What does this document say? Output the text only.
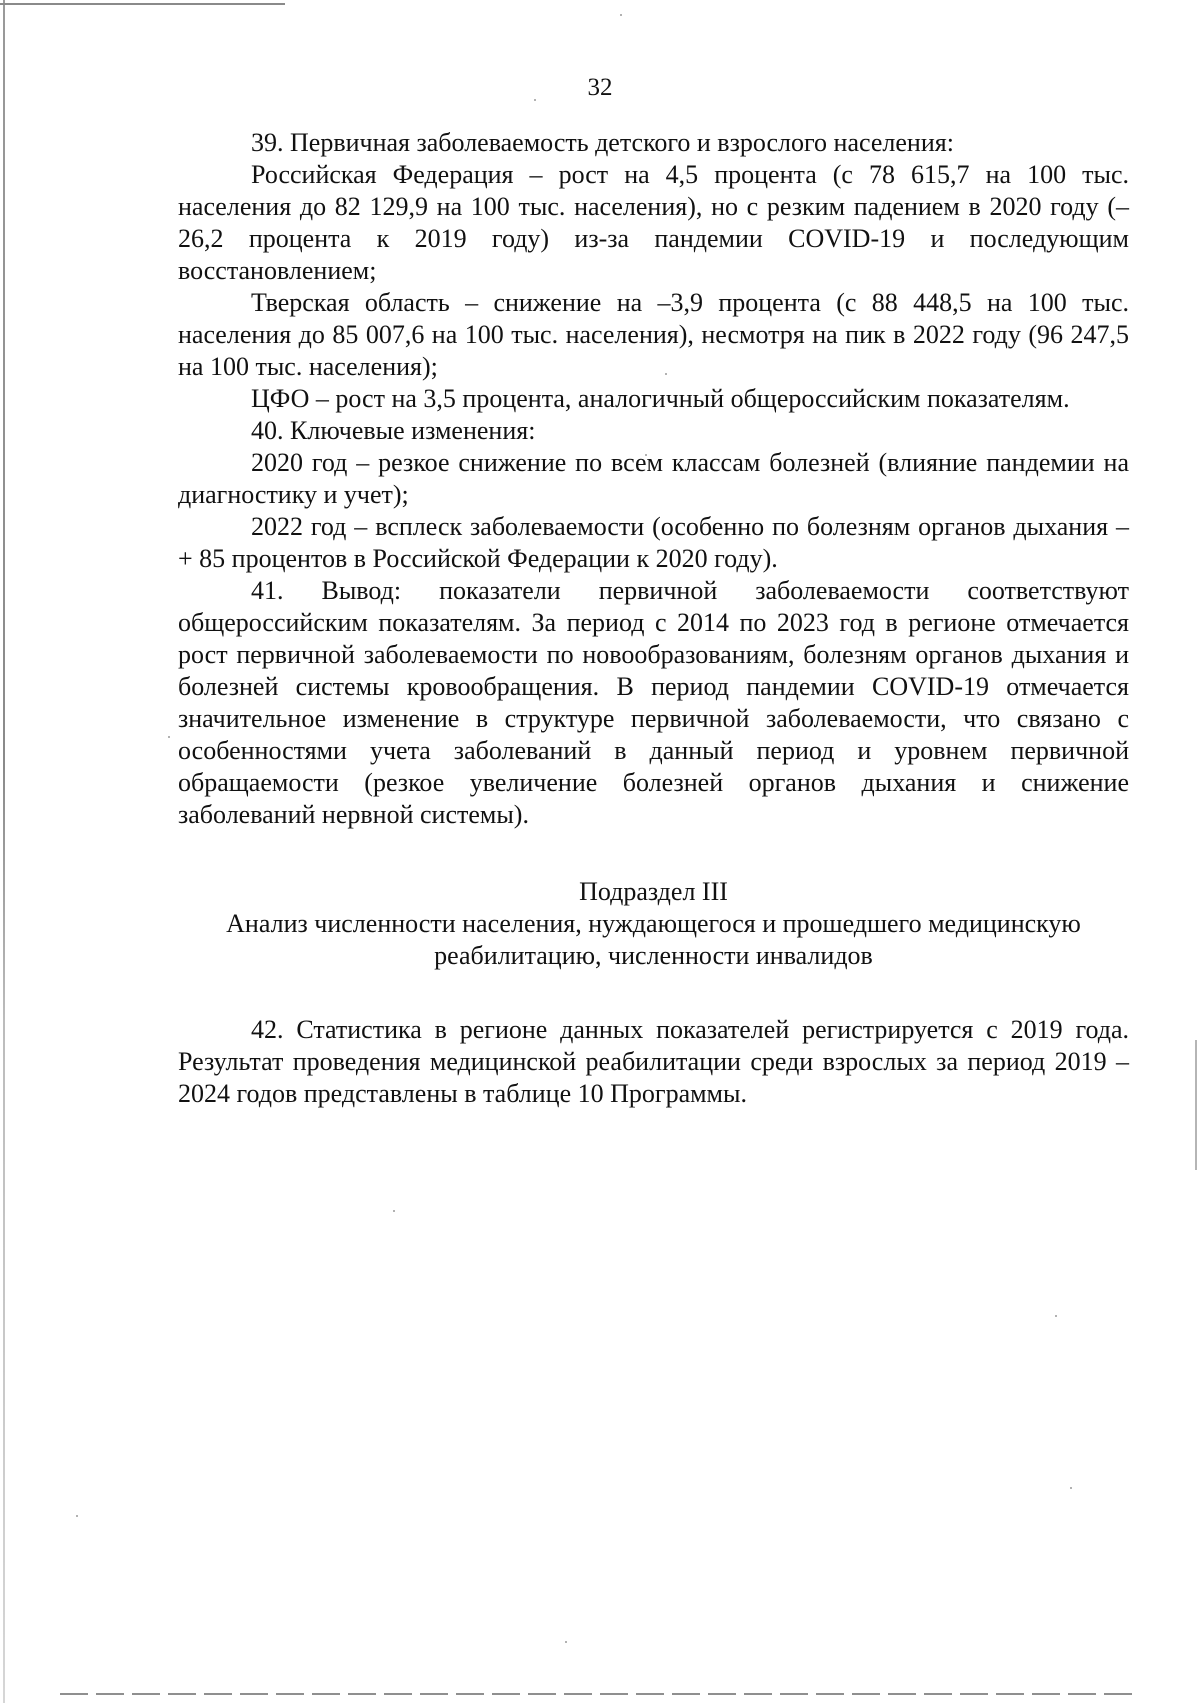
32

39. Первичная заболеваемость детского и взрослого населения:

Российская Федерация – рост на 4,5 процента (с 78 615,7 на 100 тыс. населения до 82 129,9 на 100 тыс. населения), но с резким падением в 2020 году (– 26,2 процента к 2019 году) из-за пандемии COVID-19 и последующим восстановлением;

Тверская область – снижение на –3,9 процента (с 88 448,5 на 100 тыс. населения до 85 007,6 на 100 тыс. населения), несмотря на пик в 2022 году (96 247,5 на 100 тыс. населения);

ЦФО – рост на 3,5 процента, аналогичный общероссийским показателям.

40. Ключевые изменения:

2020 год – резкое снижение по всем классам болезней (влияние пандемии на диагностику и учет);

2022 год – всплеск заболеваемости (особенно по болезням органов дыхания – + 85 процентов в Российской Федерации к 2020 году).

41. Вывод: показатели первичной заболеваемости соответствуют общероссийским показателям. За период с 2014 по 2023 год в регионе отмечается рост первичной заболеваемости по новообразованиям, болезням органов дыхания и болезней системы кровообращения. В период пандемии COVID-19 отмечается значительное изменение в структуре первичной заболеваемости, что связано с особенностями учета заболеваний в данный период и уровнем первичной обращаемости (резкое увеличение болезней органов дыхания и снижение заболеваний нервной системы).

Подраздел III
Анализ численности населения, нуждающегося и прошедшего медицинскую
реабилитацию, численности инвалидов

42. Статистика в регионе данных показателей регистрируется с 2019 года. Результат проведения медицинской реабилитации среди взрослых за период 2019 – 2024 годов представлены в таблице 10 Программы.
